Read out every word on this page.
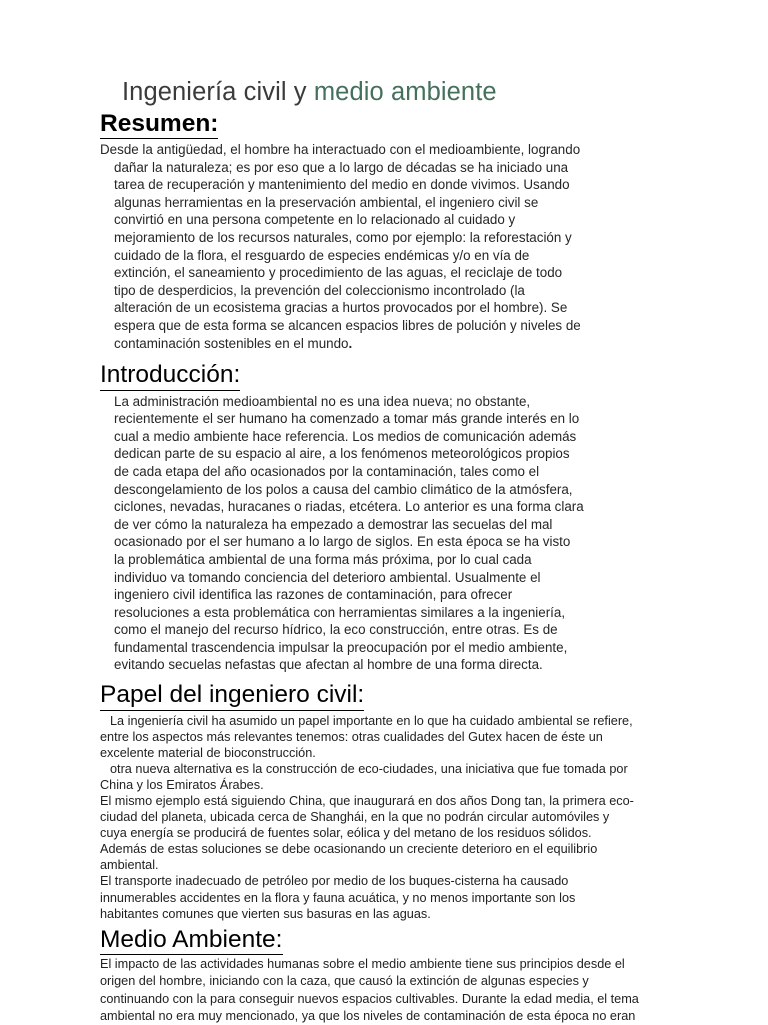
Ingeniería civil y medio ambiente
Resumen:

Desde la antigüedad, el hombre ha interactuado con el medioambiente, logrando dañar la naturaleza; es por eso que a lo largo de décadas se ha iniciado una tarea de recuperación y mantenimiento del medio en donde vivimos. Usando algunas herramientas en la preservación ambiental, el ingeniero civil se convirtió en una persona competente en lo relacionado al cuidado y mejoramiento de los recursos naturales, como por ejemplo: la reforestación y cuidado de la flora, el resguardo de especies endémicas y/o en vía de extinción, el saneamiento y procedimiento de las aguas, el reciclaje de todo tipo de desperdicios, la prevención del coleccionismo incontrolado (la alteración de un ecosistema gracias a hurtos provocados por el hombre). Se espera que de esta forma se alcancen espacios libres de polución y niveles de contaminación sostenibles en el mundo.

Introducción:

La administración medioambiental no es una idea nueva; no obstante, recientemente el ser humano ha comenzado a tomar más grande interés en lo cual a medio ambiente hace referencia. Los medios de comunicación además dedican parte de su espacio al aire, a los fenómenos meteorológicos propios de cada etapa del año ocasionados por la contaminación, tales como el descongelamiento de los polos a causa del cambio climático de la atmósfera, ciclones, nevadas, huracanes o riadas, etcétera. Lo anterior es una forma clara de ver cómo la naturaleza ha empezado a demostrar las secuelas del mal ocasionado por el ser humano a lo largo de siglos. En esta época se ha visto la problemática ambiental de una forma más próxima, por lo cual cada individuo va tomando conciencia del deterioro ambiental. Usualmente el ingeniero civil identifica las razones de contaminación, para ofrecer resoluciones a esta problemática con herramientas similares a la ingeniería, como el manejo del recurso hídrico, la eco construcción, entre otras. Es de fundamental trascendencia impulsar la preocupación por el medio ambiente, evitando secuelas nefastas que afectan al hombre de una forma directa.

Papel del ingeniero civil:

La ingeniería civil ha asumido un papel importante en lo que ha cuidado ambiental se refiere, entre los aspectos más relevantes tenemos: otras cualidades del Gutex hacen de éste un excelente material de bioconstrucción.

otra nueva alternativa es la construcción de eco-ciudades, una iniciativa que fue tomada por China y los Emiratos Árabes.

El mismo ejemplo está siguiendo China, que inaugurará en dos años Dong tan, la primera eco-ciudad del planeta, ubicada cerca de Shanghái, en la que no podrán circular automóviles y cuya energía se producirá de fuentes solar, eólica y del metano de los residuos sólidos. Además de estas soluciones se debe ocasionando un creciente deterioro en el equilibrio ambiental.

El transporte inadecuado de petróleo por medio de los buques-cisterna ha causado innumerables accidentes en la flora y fauna acuática, y no menos importante son los habitantes comunes que vierten sus basuras en las aguas.

Medio Ambiente:

El impacto de las actividades humanas sobre el medio ambiente tiene sus principios desde el origen del hombre, iniciando con la caza, que causó la extinción de algunas especies y continuando con la para conseguir nuevos espacios cultivables. Durante la edad media, el tema ambiental no era muy mencionado, ya que los niveles de contaminación de esta época no eran
